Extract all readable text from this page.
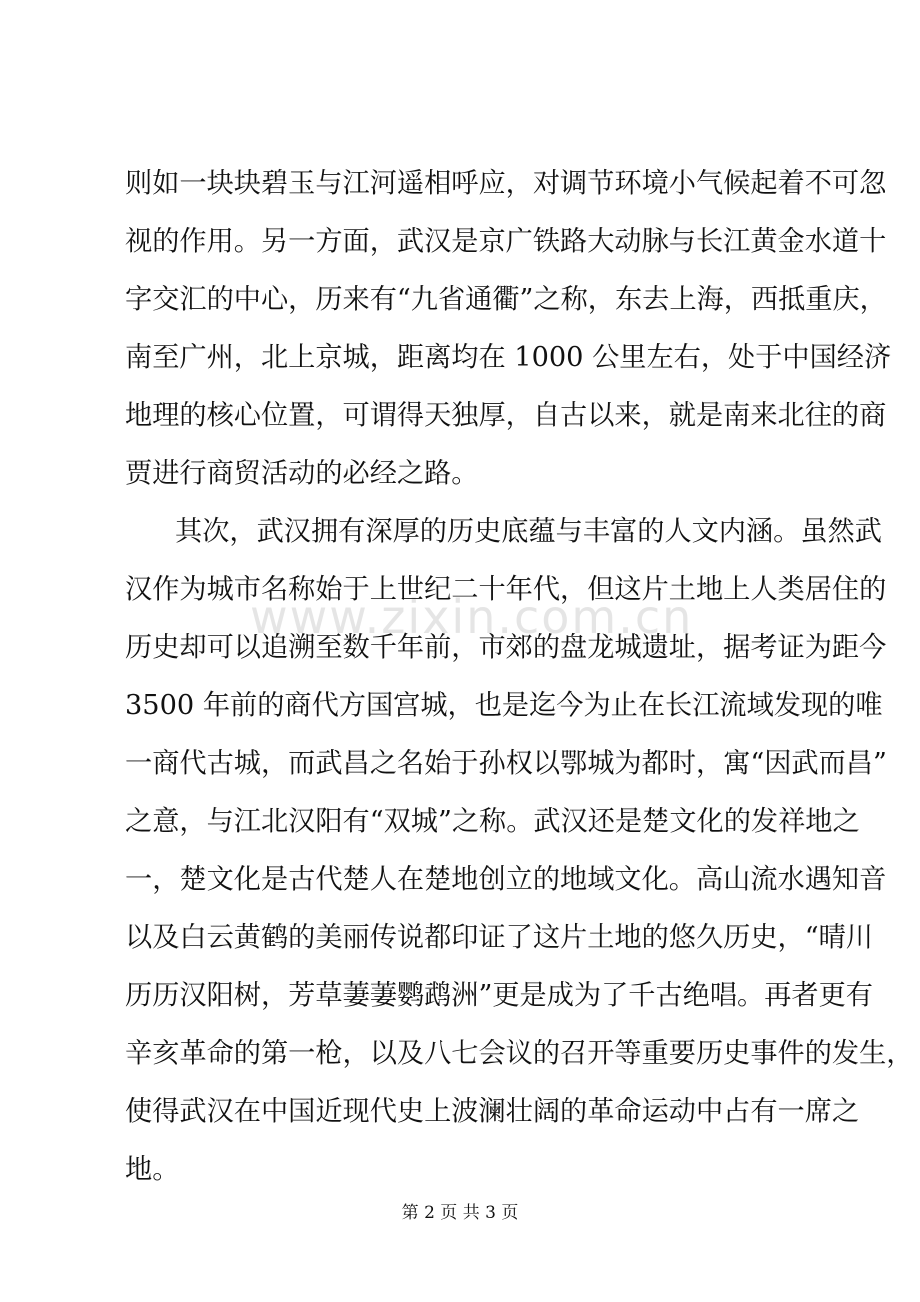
www.zixin.com.cn
则如一块块碧玉与江河遥相呼应，对调节环境小气候起着不可忽
视的作用。另一方面，武汉是京广铁路大动脉与长江黄金水道十
字交汇的中心，历来有“九省通衢”之称，东去上海，西抵重庆，
南至广州，北上京城，距离均在 1000 公里左右，处于中国经济
地理的核心位置，可谓得天独厚，自古以来，就是南来北往的商
贾进行商贸活动的必经之路。
其次，武汉拥有深厚的历史底蕴与丰富的人文内涵。虽然武
汉作为城市名称始于上世纪二十年代，但这片土地上人类居住的
历史却可以追溯至数千年前，市郊的盘龙城遗址，据考证为距今
3500 年前的商代方国宫城，也是迄今为止在长江流域发现的唯
一商代古城，而武昌之名始于孙权以鄂城为都时，寓“因武而昌”
之意，与江北汉阳有“双城”之称。武汉还是楚文化的发祥地之
一，楚文化是古代楚人在楚地创立的地域文化。高山流水遇知音
以及白云黄鹤的美丽传说都印证了这片土地的悠久历史，“晴川
历历汉阳树，芳草萋萋鹦鹉洲”更是成为了千古绝唱。再者更有
辛亥革命的第一枪，以及八七会议的召开等重要历史事件的发生，
使得武汉在中国近现代史上波澜壮阔的革命运动中占有一席之
地。
第 2 页 共 3 页
